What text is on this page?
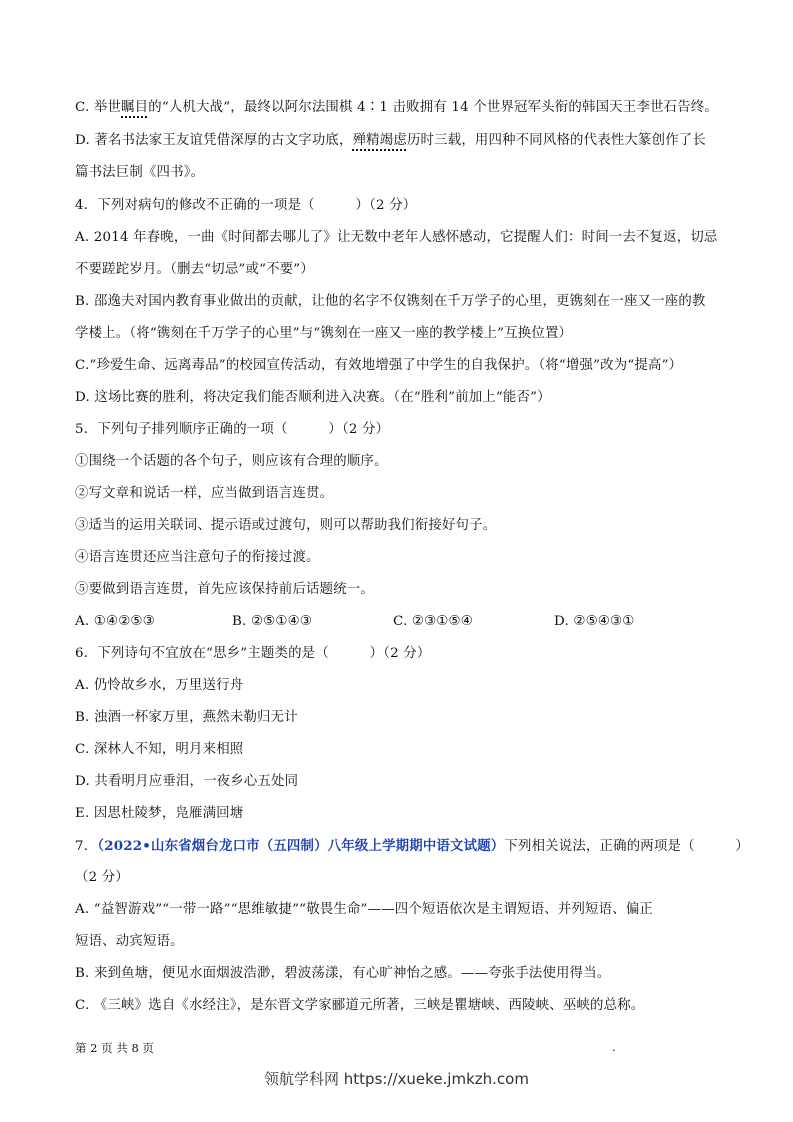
C. 举世瞩目的“人机大战”，最终以阿尔法围棋 4∶1 击败拥有 14 个世界冠军头衔的韩国天王李世石告终。
D. 著名书法家王友谊凭借深厚的古文字功底，殚精竭虑历时三载，用四种不同风格的代表性大篆创作了长
篇书法巨制《四书》。
4．下列对病句的修改不正确的一项是（　　　）（2 分）
A. 2014 年春晚，一曲《时间都去哪儿了》让无数中老年人感怀感动，它提醒人们：时间一去不复返，切忌
不要蹉跎岁月。（删去“切忌”或“不要”）
B. 邵逸夫对国内教育事业做出的贡献，让他的名字不仅镌刻在千万学子的心里，更镌刻在一座又一座的教
学楼上。（将“镌刻在千万学子的心里”与“镌刻在一座又一座的教学楼上”互换位置）
C.“珍爱生命、远离毒品”的校园宣传活动，有效地增强了中学生的自我保护。（将“增强”改为“提高”）
D. 这场比赛的胜利，将决定我们能否顺利进入决赛。（在“胜利”前加上“能否”）
5．下列句子排列顺序正确的一项（　　　）（2 分）
①围绕一个话题的各个句子，则应该有合理的顺序。
②写文章和说话一样，应当做到语言连贯。
③适当的运用关联词、提示语或过渡句，则可以帮助我们衔接好句子。
④语言连贯还应当注意句子的衔接过渡。
⑤要做到语言连贯，首先应该保持前后话题统一。
A. ①④②⑤③	B. ②⑤①④③	C. ②③①⑤④	D. ②⑤④③①
6．下列诗句不宜放在“思乡”主题类的是（　　　）（2 分）
A. 仍怜故乡水，万里送行舟
B. 浊酒一杯家万里，燕然未勒归无计
C. 深林人不知，明月来相照
D. 共看明月应垂泪，一夜乡心五处同
E. 因思杜陵梦，凫雁满回塘
7．（2022•山东省烟台龙口市（五四制）八年级上学期期中语文试题）下列相关说法，正确的两项是（　　　）
（2 分）
A. “益智游戏”“一带一路”“思维敏捷”“敬畏生命”——四个短语依次是主谓短语、并列短语、偏正
短语、动宾短语。
B. 来到鱼塘，便见水面烟波浩渺，碧波荡漾，有心旷神怡之感。——夸张手法使用得当。
C. 《三峡》选自《水经注》，是东晋文学家郦道元所著，三峡是瞿塘峡、西陵峡、巫峡的总称。
第 2 页 共 8 页	.
领航学科网 https://xueke.jmkzh.com
